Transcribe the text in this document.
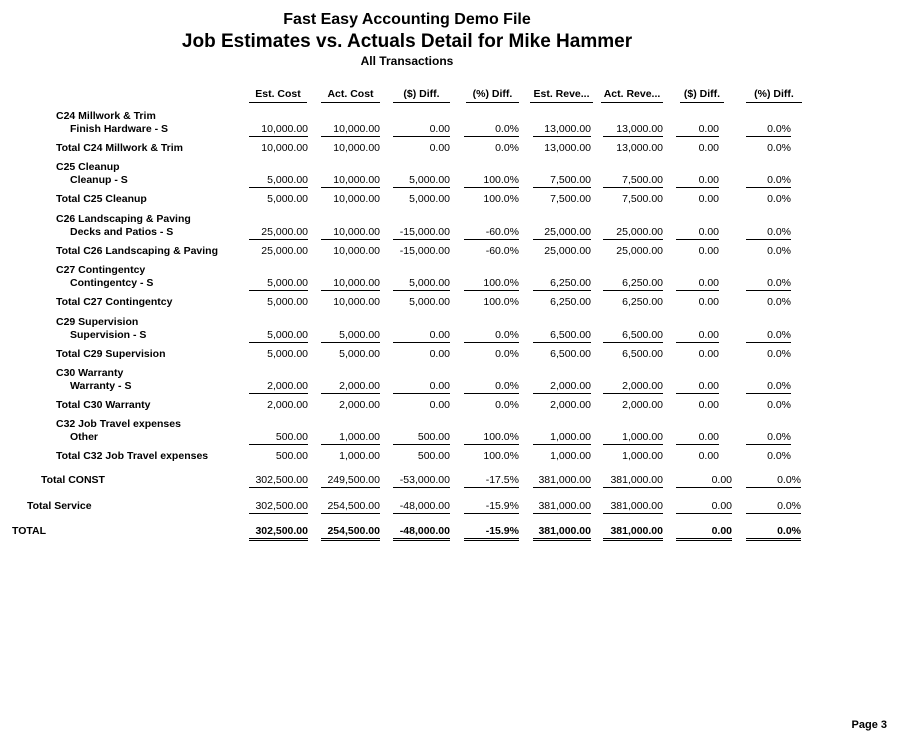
Fast Easy Accounting Demo File
Job Estimates vs. Actuals Detail for Mike Hammer
All Transactions
Est. Cost	Act. Cost	($) Diff.	(%) Diff.	Est. Reve...	Act. Reve...	($) Diff.	(%) Diff.
C24 Millwork & Trim
Finish Hardware - S	10,000.00	10,000.00	0.00	0.0%	13,000.00	13,000.00	0.00	0.0%
Total C24 Millwork & Trim	10,000.00	10,000.00	0.00	0.0%	13,000.00	13,000.00	0.00	0.0%
C25 Cleanup
Cleanup - S	5,000.00	10,000.00	5,000.00	100.0%	7,500.00	7,500.00	0.00	0.0%
Total C25 Cleanup	5,000.00	10,000.00	5,000.00	100.0%	7,500.00	7,500.00	0.00	0.0%
C26 Landscaping & Paving
Decks and Patios - S	25,000.00	10,000.00	-15,000.00	-60.0%	25,000.00	25,000.00	0.00	0.0%
Total C26 Landscaping & Paving	25,000.00	10,000.00	-15,000.00	-60.0%	25,000.00	25,000.00	0.00	0.0%
C27 Contingentcy
Contingentcy - S	5,000.00	10,000.00	5,000.00	100.0%	6,250.00	6,250.00	0.00	0.0%
Total C27 Contingentcy	5,000.00	10,000.00	5,000.00	100.0%	6,250.00	6,250.00	0.00	0.0%
C29 Supervision
Supervision - S	5,000.00	5,000.00	0.00	0.0%	6,500.00	6,500.00	0.00	0.0%
Total C29 Supervision	5,000.00	5,000.00	0.00	0.0%	6,500.00	6,500.00	0.00	0.0%
C30 Warranty
Warranty - S	2,000.00	2,000.00	0.00	0.0%	2,000.00	2,000.00	0.00	0.0%
Total C30 Warranty	2,000.00	2,000.00	0.00	0.0%	2,000.00	2,000.00	0.00	0.0%
C32 Job Travel expenses
Other	500.00	1,000.00	500.00	100.0%	1,000.00	1,000.00	0.00	0.0%
Total C32 Job Travel expenses	500.00	1,000.00	500.00	100.0%	1,000.00	1,000.00	0.00	0.0%
Total CONST	302,500.00	249,500.00	-53,000.00	-17.5%	381,000.00	381,000.00	0.00	0.0%
Total Service	302,500.00	254,500.00	-48,000.00	-15.9%	381,000.00	381,000.00	0.00	0.0%
TOTAL	302,500.00	254,500.00	-48,000.00	-15.9%	381,000.00	381,000.00	0.00	0.0%
Page 3
